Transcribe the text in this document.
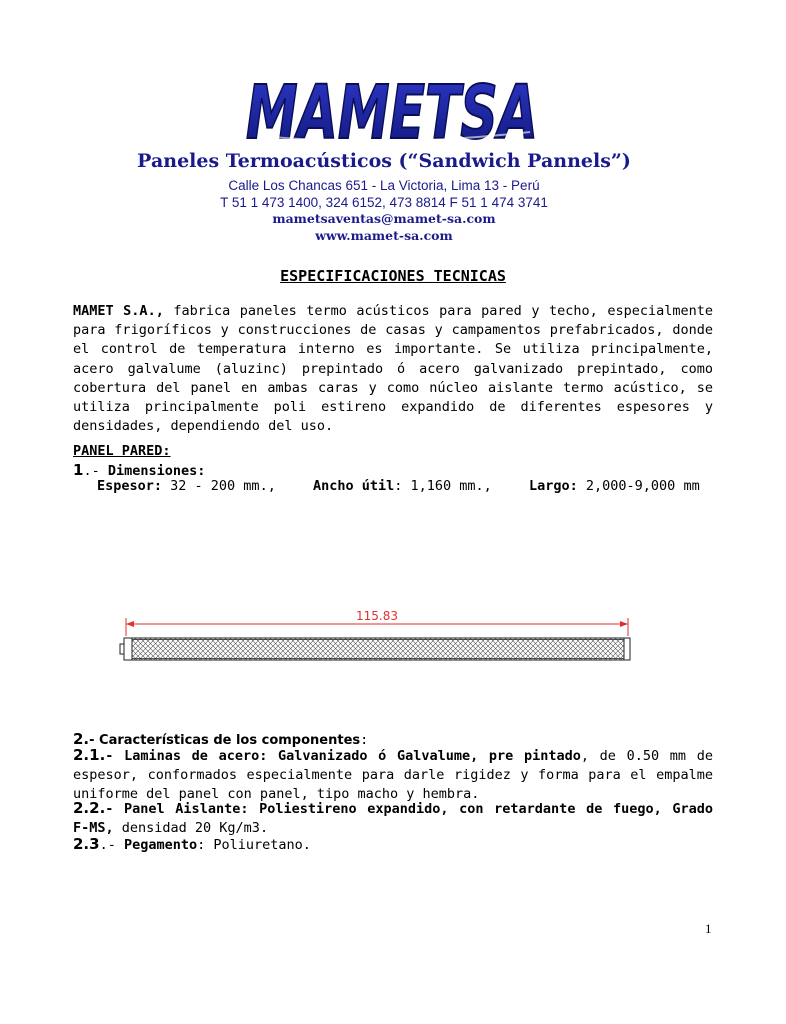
MAMETSA
Paneles Termoacústicos (“Sandwich Pannels”)
Calle Los Chancas 651 - La Victoria, Lima 13 - Perú
T 51 1 473 1400, 324 6152, 473 8814 F 51 1 474 3741
mametsaventas@mamet-sa.com
www.mamet-sa.com
ESPECIFICACIONES TECNICAS
MAMET S.A., fabrica paneles termo acústicos para pared y techo, especialmente para frigoríficos y construcciones de casas y campamentos prefabricados, donde el control de temperatura interno es importante. Se utiliza principalmente, acero galvalume (aluzinc) prepintado ó acero galvanizado prepintado, como cobertura del panel en ambas caras y como núcleo aislante termo acústico, se utiliza principalmente poli estireno expandido de diferentes espesores y densidades, dependiendo del uso.
PANEL PARED:
1.- Dimensiones:
Espesor: 32 - 200 mm.,	Ancho útil: 1,160 mm.,	Largo: 2,000-9,000 mm
115.83
2.- Características de los componentes:
2.1.- Laminas de acero: Galvanizado ó Galvalume, pre pintado, de 0.50 mm de espesor, conformados especialmente para darle rigidez y forma para el empalme uniforme del panel con panel, tipo macho y hembra.
2.2.- Panel Aislante: Poliestireno expandido, con retardante de fuego, Grado F-MS, densidad 20 Kg/m3.
2.3.- Pegamento: Poliuretano.
1
